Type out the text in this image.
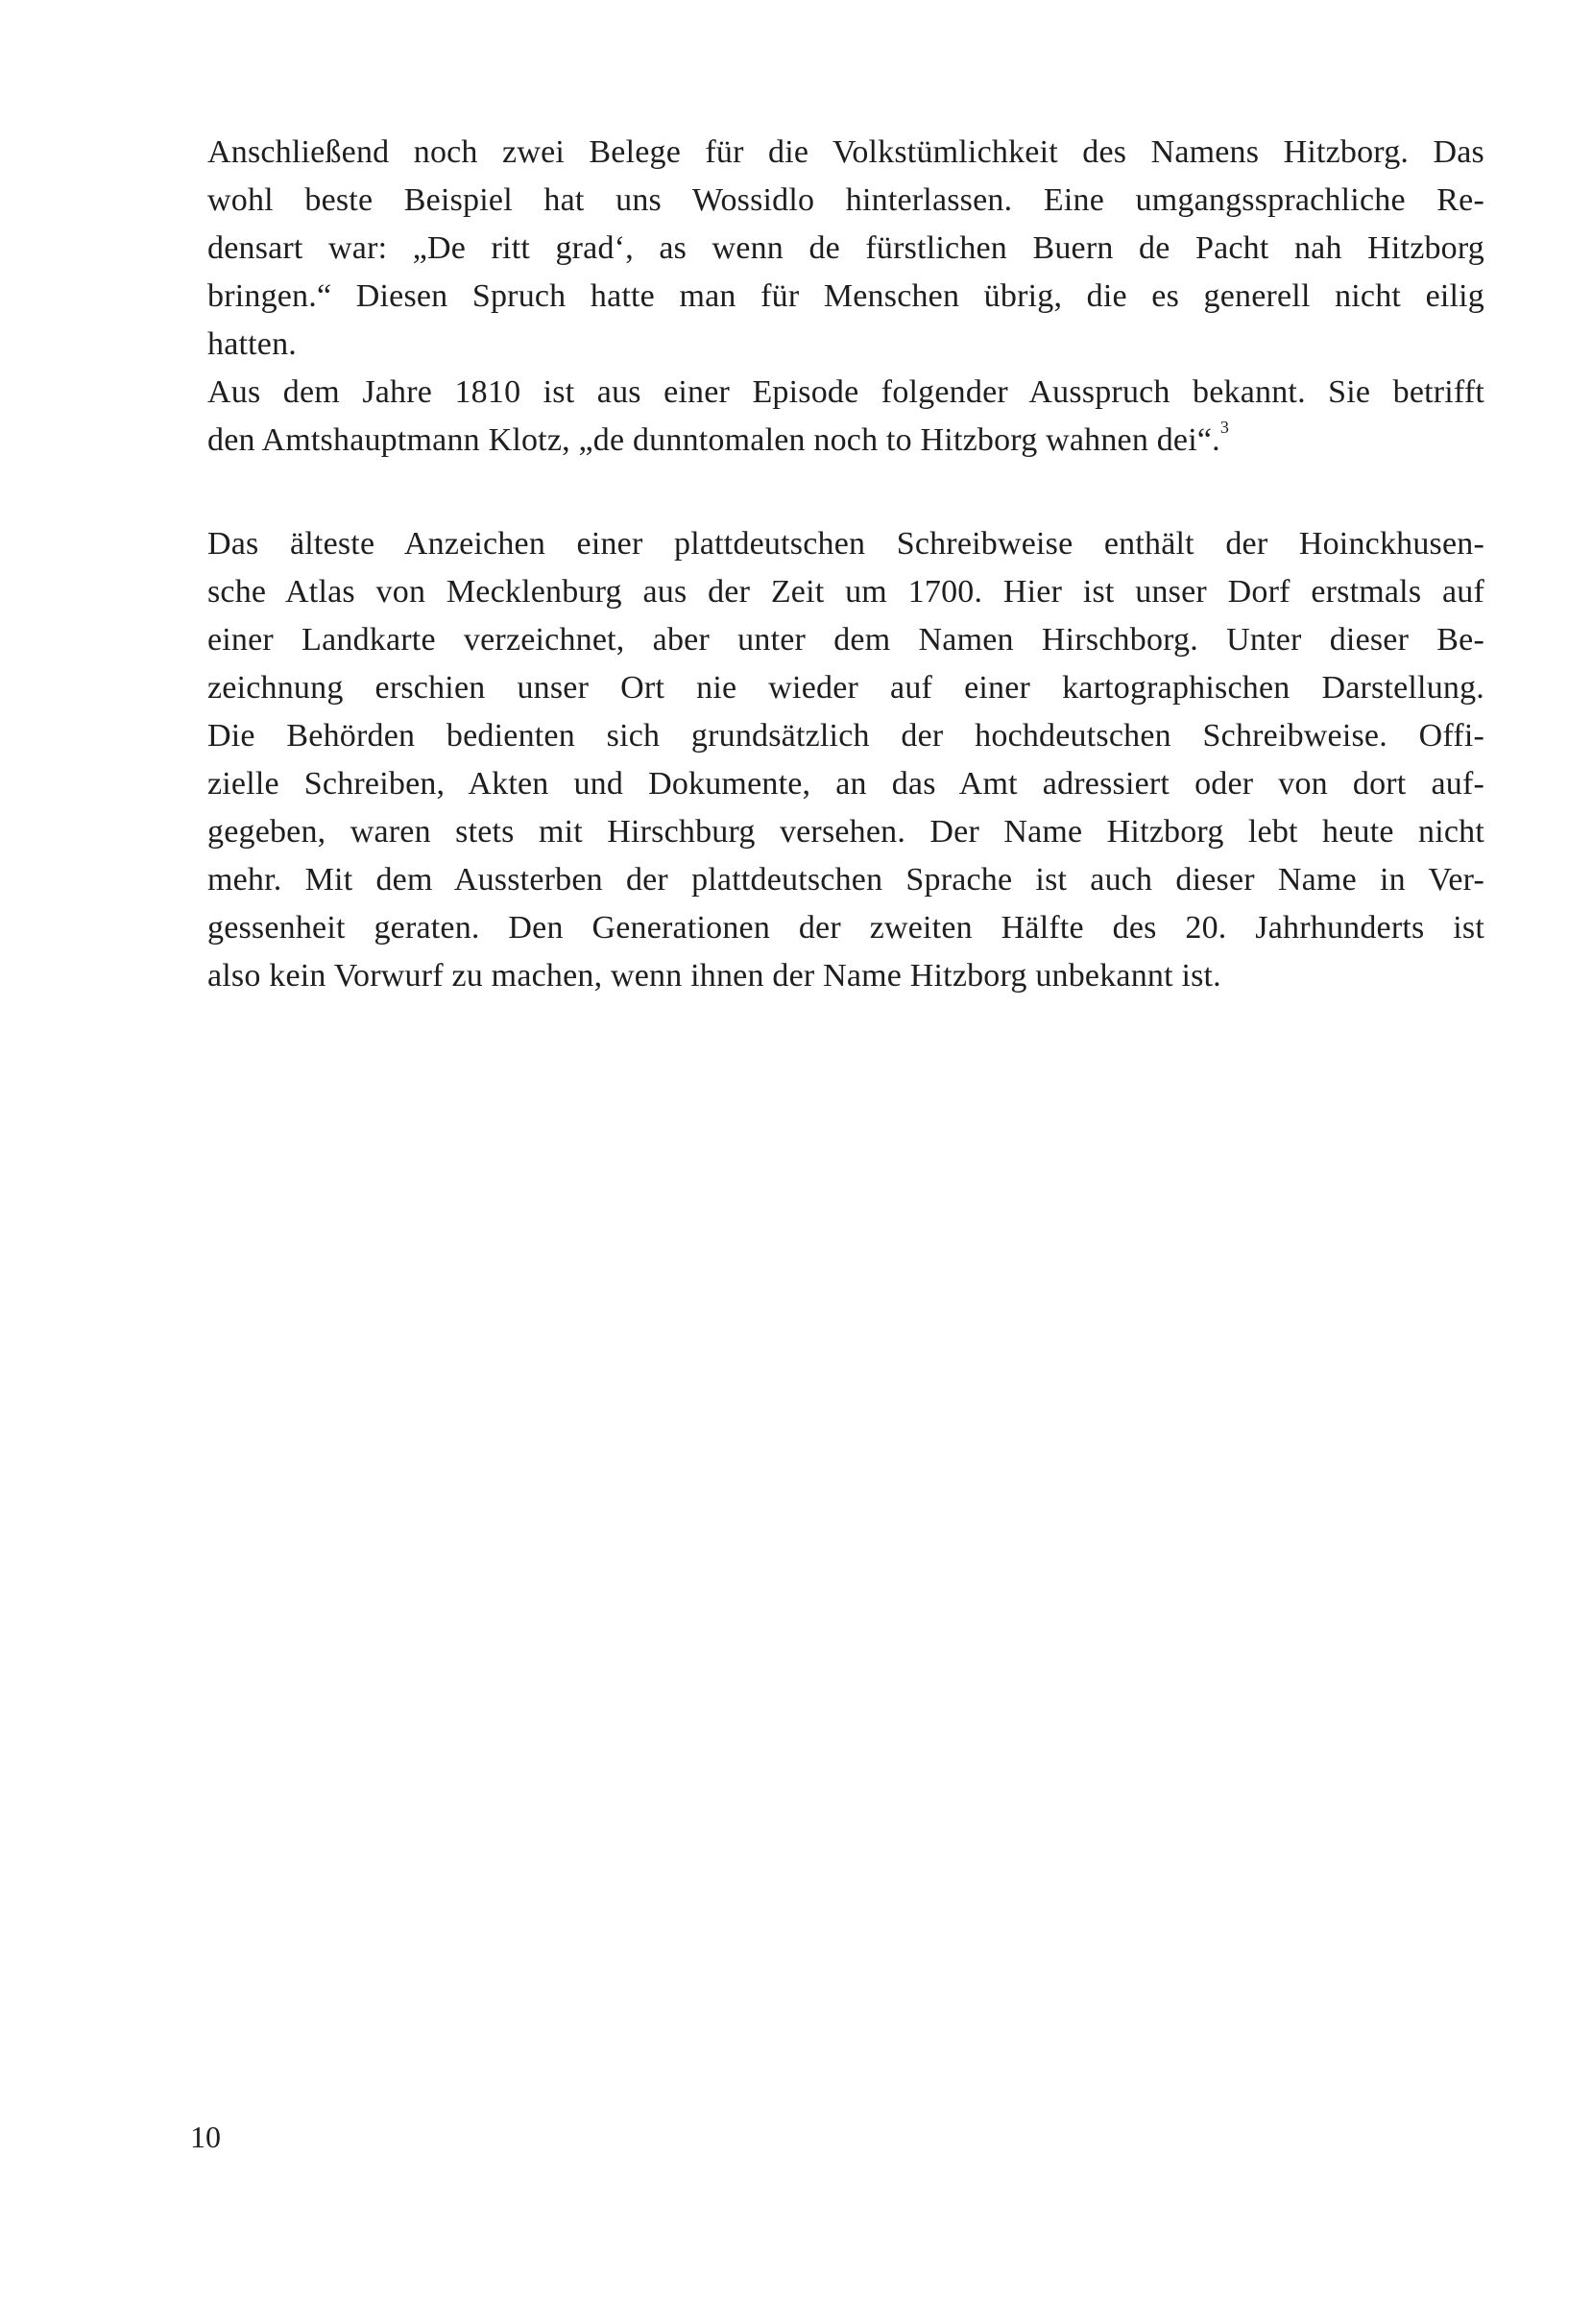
Anschließend noch zwei Belege für die Volkstümlichkeit des Namens Hitzborg. Das
wohl beste Beispiel hat uns Wossidlo hinterlassen. Eine umgangssprachliche Re-
densart war: „De ritt grad‘, as wenn de fürstlichen Buern de Pacht nah Hitzborg
bringen.“ Diesen Spruch hatte man für Menschen übrig, die es generell nicht eilig
hatten.
Aus dem Jahre 1810 ist aus einer Episode folgender Ausspruch bekannt. Sie betrifft
den Amtshauptmann Klotz, „de dunntomalen noch to Hitzborg wahnen dei“.$^3$
Das älteste Anzeichen einer plattdeutschen Schreibweise enthält der Hoinckhusen-
sche Atlas von Mecklenburg aus der Zeit um 1700. Hier ist unser Dorf erstmals auf
einer Landkarte verzeichnet, aber unter dem Namen Hirschborg. Unter dieser Be-
zeichnung erschien unser Ort nie wieder auf einer kartographischen Darstellung.
Die Behörden bedienten sich grundsätzlich der hochdeutschen Schreibweise. Offi-
zielle Schreiben, Akten und Dokumente, an das Amt adressiert oder von dort auf-
gegeben, waren stets mit Hirschburg versehen. Der Name Hitzborg lebt heute nicht
mehr. Mit dem Aussterben der plattdeutschen Sprache ist auch dieser Name in Ver-
gessenheit geraten. Den Generationen der zweiten Hälfte des 20. Jahrhunderts ist
also kein Vorwurf zu machen, wenn ihnen der Name Hitzborg unbekannt ist.
10
